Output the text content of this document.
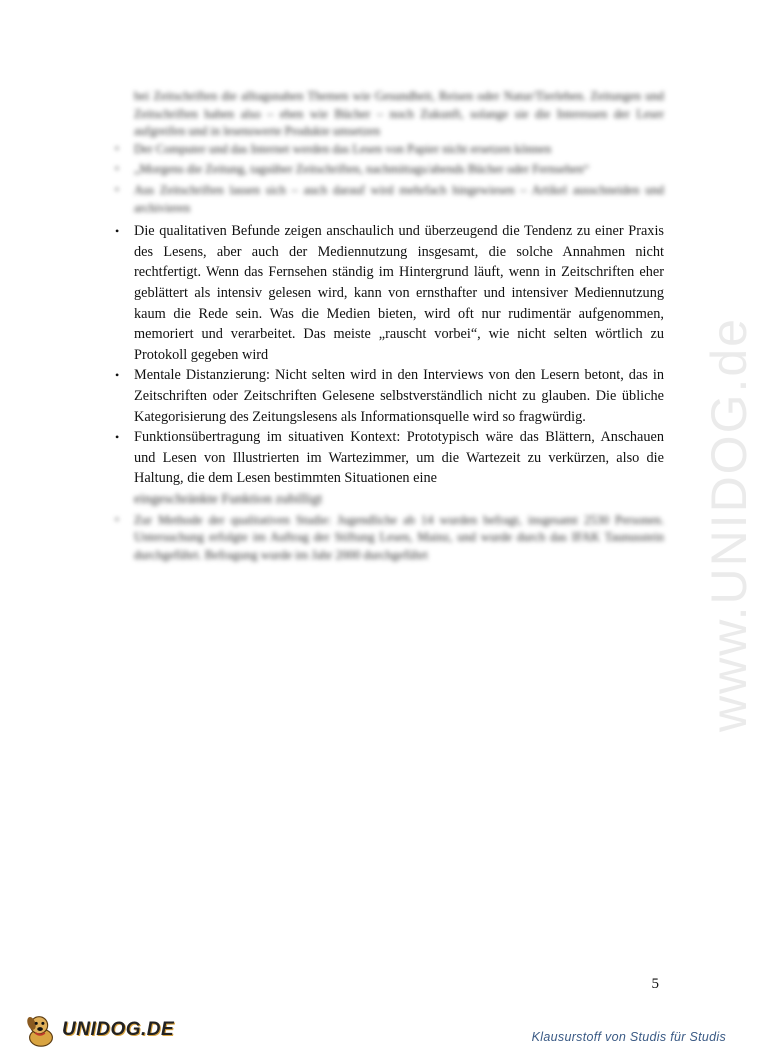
www.UNIDOG.de
bei Zeitschriften die alltagsnahen Themen wie Gesundheit, Reisen oder Natur/Tierleben. Zeitungen und Zeitschriften haben also – eben wie Bücher – noch Zukunft, solange sie die Interessen der Leser aufgreifen und in lesenswerte Produkte umsetzen
• Der Computer und das Internet werden das Lesen von Papier nicht ersetzen können
• „Morgens die Zeitung, tagsüber Zeitschriften, nachmittags/abends Bücher oder Fernsehen“
• Aus Zeitschriften lassen sich – auch darauf wird mehrfach hingewiesen – Artikel ausschneiden und archivieren
• Die qualitativen Befunde zeigen anschaulich und überzeugend die Tendenz zu einer Praxis des Lesens, aber auch der Mediennutzung insgesamt, die solche Annahmen nicht rechtfertigt. Wenn das Fernsehen ständig im Hintergrund läuft, wenn in Zeitschriften eher geblättert als intensiv gelesen wird, kann von ernsthafter und intensiver Mediennutzung kaum die Rede sein. Was die Medien bieten, wird oft nur rudimentär aufgenommen, memoriert und verarbeitet. Das meiste „rauscht vorbei“, wie nicht selten wörtlich zu Protokoll gegeben wird
• Mentale Distanzierung: Nicht selten wird in den Interviews von den Lesern betont, das in Zeitschriften oder Zeitschriften Gelesene selbstverständlich nicht zu glauben. Die übliche Kategorisierung des Zeitungslesens als Informationsquelle wird so fragwürdig.
• Funktionsübertragung im situativen Kontext: Prototypisch wäre das Blättern, Anschauen und Lesen von Illustrierten im Wartezimmer, um die Wartezeit zu verkürzen, also die Haltung, die dem Lesen bestimmten Situationen eine
eingeschränkte Funktion zubilligt
• Zur Methode der qualitativen Studie: Jugendliche ab 14 wurden befragt, insgesamt 2530 Personen. Untersuchung erfolgte im Auftrag der Stiftung Lesen, Mainz, und wurde durch das IFAK Taunusstein durchgeführt. Befragung wurde im Jahr 2000 durchgeführt
5
UNIDOG.DE	Klausurstoff von Studis für Studis
